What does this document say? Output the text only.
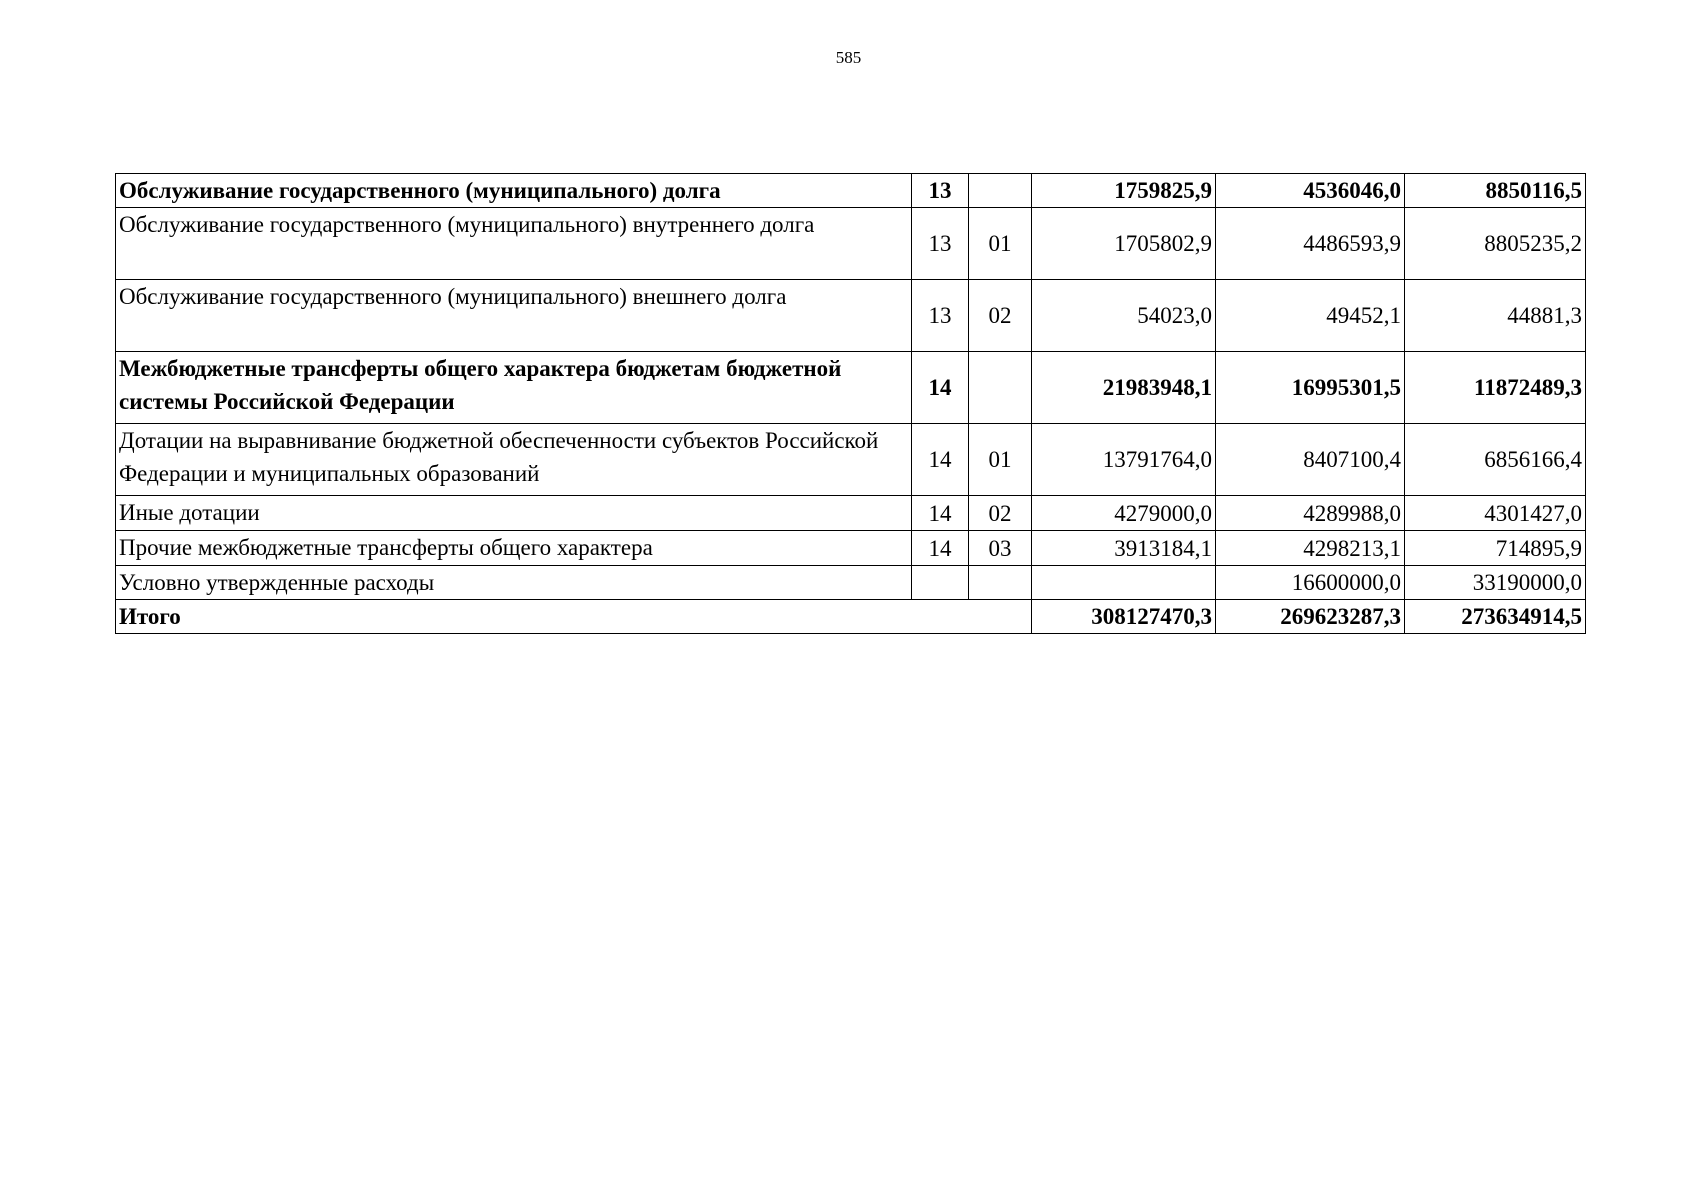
585
Обслуживание государственного (муниципального) долга	13		1759825,9	4536046,0	8850116,5
Обслуживание государственного (муниципального) внутреннего долга	13	01	1705802,9	4486593,9	8805235,2
Обслуживание государственного (муниципального) внешнего долга	13	02	54023,0	49452,1	44881,3
Межбюджетные трансферты общего характера бюджетам бюджетной системы Российской Федерации	14		21983948,1	16995301,5	11872489,3
Дотации на выравнивание бюджетной обеспеченности субъектов Российской Федерации и муниципальных образований	14	01	13791764,0	8407100,4	6856166,4
Иные дотации	14	02	4279000,0	4289988,0	4301427,0
Прочие межбюджетные трансферты общего характера	14	03	3913184,1	4298213,1	714895,9
Условно утвержденные расходы				16600000,0	33190000,0
Итого			308127470,3	269623287,3	273634914,5
